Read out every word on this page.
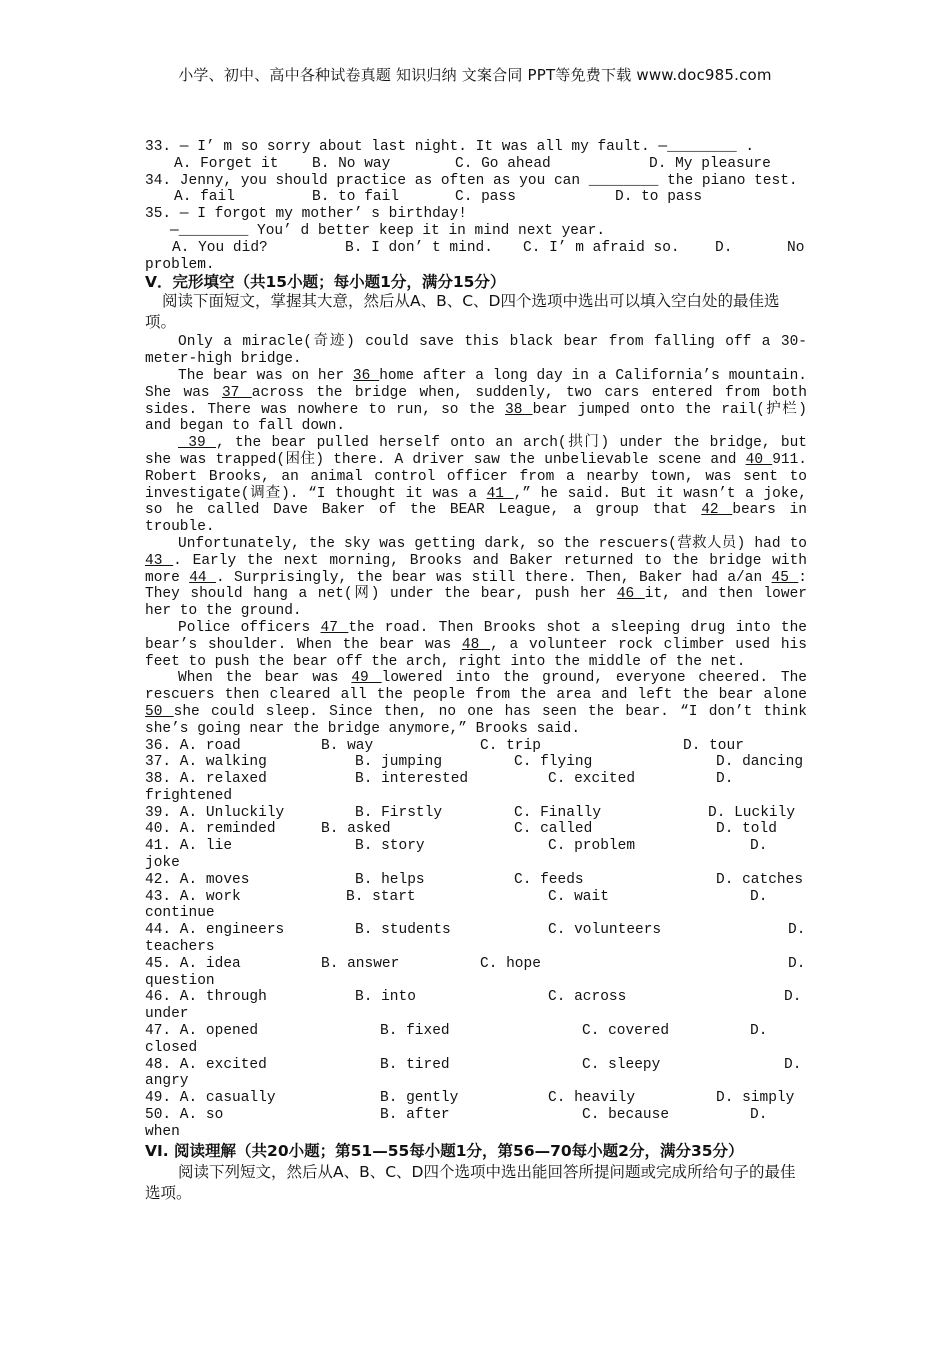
小学、初中、高中各种试卷真题 知识归纳 文案合同 PPT等免费下载 www.doc985.com
33. — I’ m so sorry about last night. It was all my fault. —________ .
A. Forget it B. No way	C. Go ahead	D. My pleasure
34. Jenny, you should practice as often as you can ________ the piano test.
A. fail	B. to fail	C. pass	D. to pass
35. — I forgot my mother’ s birthday!
—________ You’ d better keep it in mind next year.
A. You did?	B. I don’ t mind. C. I’ m afraid so. D.	No
problem.
V．完形填空（共15小题；每小题1分，满分15分）
阅读下面短文，掌握其大意，然后从A、B、C、D四个选项中选出可以填入空白处的最佳选项。
Only a miracle(奇迹) could save this black bear from falling off a 30-meter-high bridge.
The bear was on her 36 home after a long day in a California’s mountain. She was 37 across the bridge when, suddenly, two cars entered from both sides. There was nowhere to run, so the 38 bear jumped onto the rail(护栏) and began to fall down.
39 , the bear pulled herself onto an arch(拱门) under the bridge, but she was trapped(困住) there. A driver saw the unbelievable scene and 40 911. Robert Brooks, an animal control officer from a nearby town, was sent to investigate(调查). “I thought it was a 41 ,” he said. But it wasn’t a joke, so he called Dave Baker of the BEAR League, a group that 42 bears in trouble.
Unfortunately, the sky was getting dark, so the rescuers(营救人员) had to 43 . Early the next morning, Brooks and Baker returned to the bridge with more 44 . Surprisingly, the bear was still there. Then, Baker had a/an 45 : They should hang a net(网) under the bear, push her 46 it, and then lower her to the ground.
Police officers 47 the road. Then Brooks shot a sleeping drug into the bear’s shoulder. When the bear was 48 , a volunteer rock climber used his feet to push the bear off the arch, right into the middle of the net.
When the bear was 49 lowered into the ground, everyone cheered. The rescuers then cleared all the people from the area and left the bear alone 50 she could sleep. Since then, no one has seen the bear. “I don’t think she’s going near the bridge anymore,” Brooks said.
36. A. road	B. way	C. trip	D. tour
37. A. walking	B. jumping	C. flying	D. dancing
38. A. relaxed	B. interested	C. excited	D.
frightened
39. A. Unluckily	B. Firstly	C. Finally	D. Luckily
40. A. reminded	B. asked	C. called	D. told
41. A. lie	B. story	C. problem	D.
joke
42. A. moves	B. helps	C. feeds	D. catches
43. A. work	B. start	C. wait	D.
continue
44. A. engineers	B. students	C. volunteers	D.
teachers
45. A. idea	B. answer	C. hope	D.
question
46. A. through	B. into	C. across	D.
under
47. A. opened	B. fixed	C. covered	D.
closed
48. A. excited	B. tired	C. sleepy	D.
angry
49. A. casually	B. gently	C. heavily	D. simply
50. A. so	B. after	C. because	D.
when
VI. 阅读理解（共20小题；第51—55每小题1分，第56—70每小题2分，满分35分）
阅读下列短文，然后从A、B、C、D四个选项中选出能回答所提问题或完成所给句子的最佳选项。
